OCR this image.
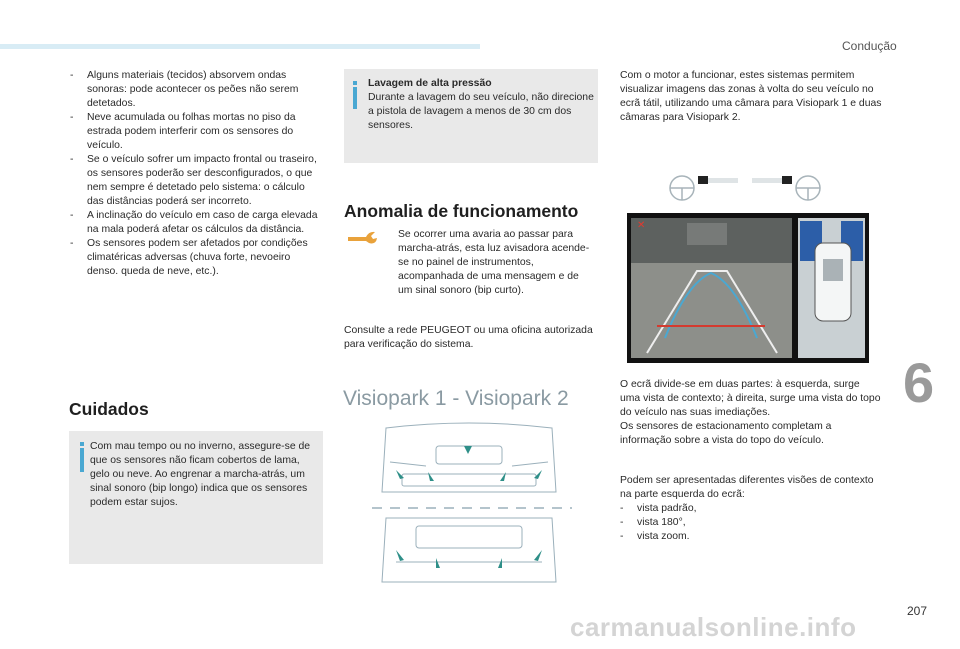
Condução
6
207
carmanualsonline.info
- Alguns materiais (tecidos) absorvem ondas sonoras: pode acontecer os peões não serem detetados.
- Neve acumulada ou folhas mortas no piso da estrada podem interferir com os sensores do veículo.
- Se o veículo sofrer um impacto frontal ou traseiro, os sensores poderão ser desconfigurados, o que nem sempre é detetado pelo sistema: o cálculo das distâncias poderá ser incorreto.
- A inclinação do veículo em caso de carga elevada na mala poderá afetar os cálculos da distância.
- Os sensores podem ser afetados por condições climatéricas adversas (chuva forte, nevoeiro denso. queda de neve, etc.).
Cuidados
Com mau tempo ou no inverno, assegure-se de que os sensores não ficam cobertos de lama, gelo ou neve. Ao engrenar a marcha-atrás, um sinal sonoro (bip longo) indica que os sensores podem estar sujos.
Lavagem de alta pressão
Durante a lavagem do seu veículo, não direcione a pistola de lavagem a menos de 30 cm dos sensores.
Anomalia de funcionamento
Se ocorrer uma avaria ao passar para marcha-atrás, esta luz avisadora acende-se no painel de instrumentos, acompanhada de uma mensagem e de um sinal sonoro (bip curto).
Consulte a rede PEUGEOT ou uma oficina autorizada para verificação do sistema.
Visiopark 1 - Visiopark 2
Com o motor a funcionar, estes sistemas permitem visualizar imagens das zonas à volta do seu veículo no ecrã tátil, utilizando uma câmara para Visiopark 1 e duas câmaras para Visiopark 2.
✕
O ecrã divide-se em duas partes: à esquerda, surge uma vista de contexto; à direita, surge uma vista do topo do veículo nas suas imediações.
Os sensores de estacionamento completam a informação sobre a vista do topo do veículo.
Podem ser apresentadas diferentes visões de contexto na parte esquerda do ecrã:
- vista padrão,
- vista 180°,
- vista zoom.
